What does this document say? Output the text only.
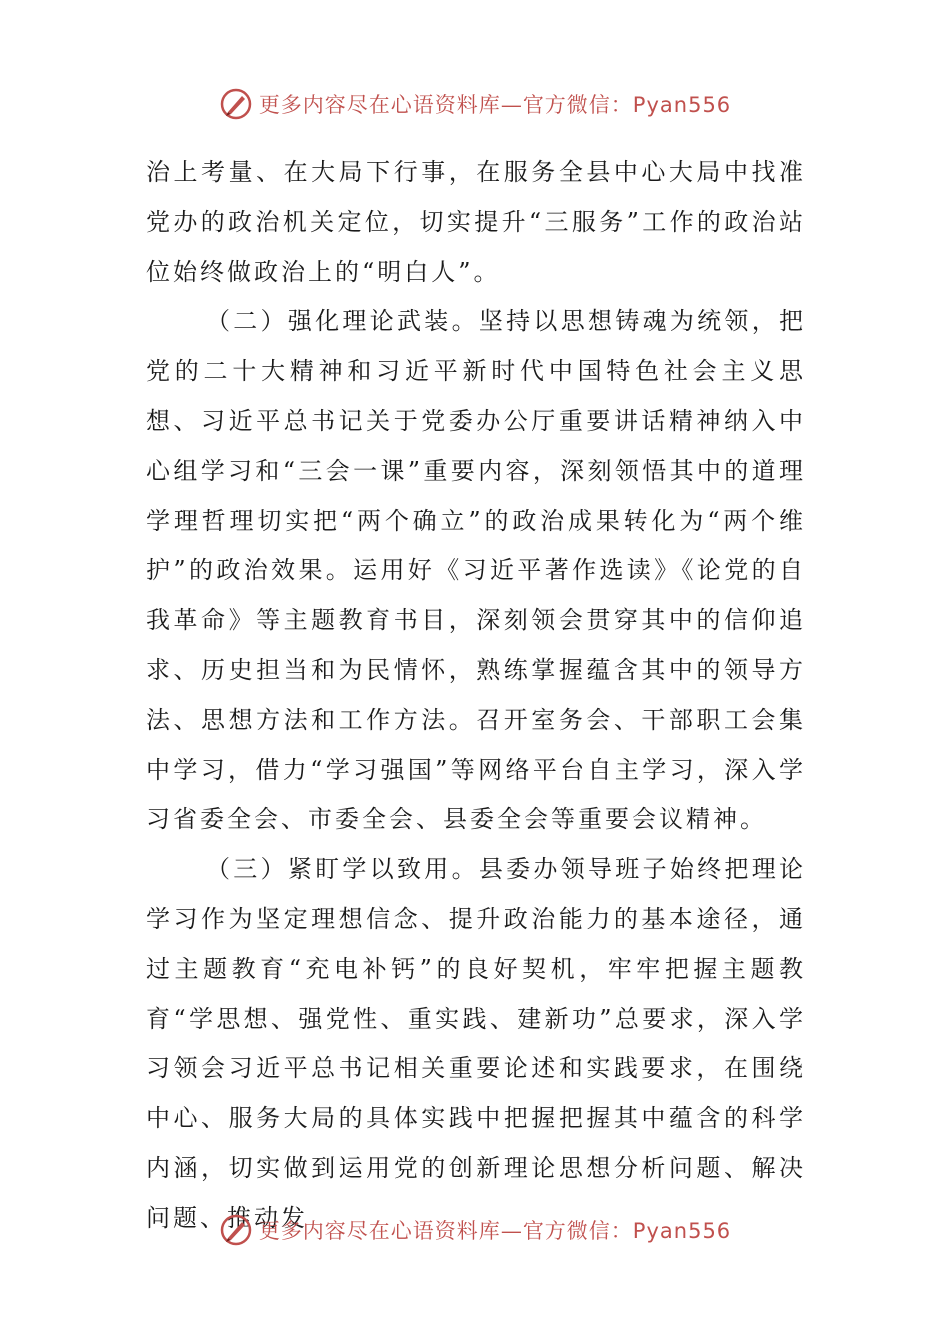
更多内容尽在心语资料库—官方微信：Pyan556

治上考量、在大局下行事，在服务全县中心大局中找准党办的政治机关定位，切实提升“三服务”工作的政治站位始终做政治上的“明白人”。

（二）强化理论武装。坚持以思想铸魂为统领，把党的二十大精神和习近平新时代中国特色社会主义思想、习近平总书记关于党委办公厅重要讲话精神纳入中心组学习和“三会一课”重要内容，深刻领悟其中的道理学理哲理切实把“两个确立”的政治成果转化为“两个维护”的政治效果。运用好《习近平著作选读》《论党的自我革命》等主题教育书目，深刻领会贯穿其中的信仰追求、历史担当和为民情怀，熟练掌握蕴含其中的领导方法、思想方法和工作方法。召开室务会、干部职工会集中学习，借力“学习强国”等网络平台自主学习，深入学习省委全会、市委全会、县委全会等重要会议精神。

（三）紧盯学以致用。县委办领导班子始终把理论学习作为坚定理想信念、提升政治能力的基本途径，通过主题教育“充电补钙”的良好契机，牢牢把握主题教育“学思想、强党性、重实践、建新功”总要求，深入学习领会习近平总书记相关重要论述和实践要求，在围绕中心、服务大局的具体实践中把握把握其中蕴含的科学内涵，切实做到运用党的创新理论思想分析问题、解决问题、推动发

更多内容尽在心语资料库—官方微信：Pyan556
